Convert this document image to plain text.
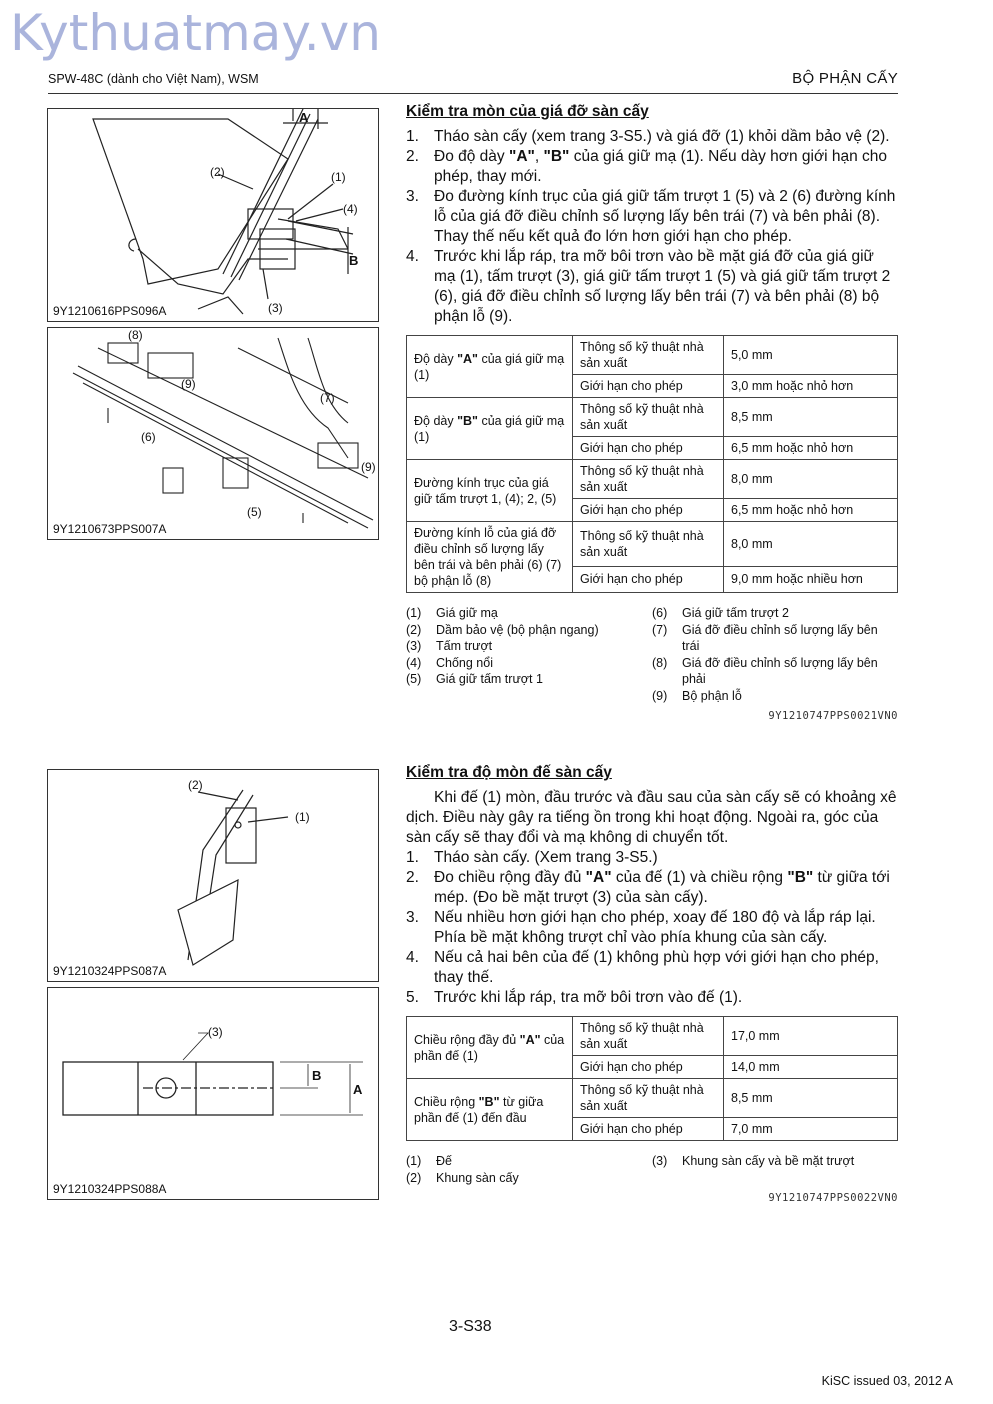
Kythuatmay.vn
SPW-48C (dành cho Việt Nam), WSM	BỘ PHẬN CẤY
A
(2)	(1)
(4)
B
(3)
9Y1210616PPS096A
(8)
(9)
(7)
(6)
(9)
(5)
9Y1210673PPS007A
(2)
(1)
9Y1210324PPS087A
(3)
B
A
9Y1210324PPS088A
Kiểm tra mòn của giá đỡ sàn cấy
1. Tháo sàn cấy (xem trang 3-S5.) và giá đỡ (1) khỏi dầm bảo vệ (2).
2. Đo độ dày "A", "B" của giá giữ mạ (1). Nếu dày hơn giới hạn cho phép, thay mới.
3. Đo đường kính trục của giá giữ tấm trượt 1 (5) và 2 (6) đường kính lỗ của giá đỡ điều chỉnh số lượng lấy bên trái (7) và bên phải (8). Thay thế nếu kết quả đo lớn hơn giới hạn cho phép.
4. Trước khi lắp ráp, tra mỡ bôi trơn vào bề mặt giá đỡ của giá giữ mạ (1), tấm trượt (3), giá giữ tấm trượt 1 (5) và giá giữ tấm trượt 2 (6), giá đỡ điều chỉnh số lượng lấy bên trái (7) và bên phải (8) bộ phận lỗ (9).
Độ dày "A" của giá giữ mạ (1)	Thông số kỹ thuật nhà sản xuất	5,0 mm
	Giới hạn cho phép	3,0 mm hoặc nhỏ hơn
Độ dày "B" của giá giữ mạ (1)	Thông số kỹ thuật nhà sản xuất	8,5 mm
	Giới hạn cho phép	6,5 mm hoặc nhỏ hơn
Đường kính trục của giá giữ tấm trượt 1, (4); 2, (5)	Thông số kỹ thuật nhà sản xuất	8,0 mm
	Giới hạn cho phép	6,5 mm hoặc nhỏ hơn
Đường kính lỗ của giá đỡ điều chỉnh số lượng lấy bên trái và bên phải (6) (7) bộ phận lỗ (8)	Thông số kỹ thuật nhà sản xuất	8,0 mm
	Giới hạn cho phép	9,0 mm hoặc nhiều hơn
(1)	Giá giữ mạ
(2)	Dầm bảo vệ (bộ phận ngang)
(3)	Tấm trượt
(4)	Chống nổi
(5)	Giá giữ tấm trượt 1
(6)	Giá giữ tấm trượt 2
(7)	Giá đỡ điều chỉnh số lượng lấy bên trái
(8)	Giá đỡ điều chỉnh số lượng lấy bên phải
(9)	Bộ phận lỗ
9Y1210747PPS0021VN0
Kiểm tra độ mòn đế sàn cấy

Khi đế (1) mòn, đầu trước và đầu sau của sàn cấy sẽ có khoảng xê dịch. Điều này gây ra tiếng ồn trong khi hoạt động. Ngoài ra, góc của sàn cấy sẽ thay đổi và mạ không di chuyển tốt.

1. Tháo sàn cấy. (Xem trang 3-S5.)
2. Đo chiều rộng đầy đủ "A" của đế (1) và chiều rộng "B" từ giữa tới mép. (Đo bề mặt trượt (3) của sàn cấy).
3. Nếu nhiều hơn giới hạn cho phép, xoay đế 180 độ và lắp ráp lại. Phía bề mặt không trượt chỉ vào phía khung của sàn cấy.
4. Nếu cả hai bên của đế (1) không phù hợp với giới hạn cho phép, thay thế.
5. Trước khi lắp ráp, tra mỡ bôi trơn vào đế (1).
Chiều rộng đầy đủ "A" của phần đế (1)	Thông số kỹ thuật nhà sản xuất	17,0 mm
	Giới hạn cho phép	14,0 mm
Chiều rộng "B" từ giữa phần đế (1) đến đầu	Thông số kỹ thuật nhà sản xuất	8,5 mm
	Giới hạn cho phép	7,0 mm
(1)	Đế
(2)	Khung sàn cấy
(3)	Khung sàn cấy và bề mặt trượt
9Y1210747PPS0022VN0
3-S38
KiSC issued 03, 2012 A
